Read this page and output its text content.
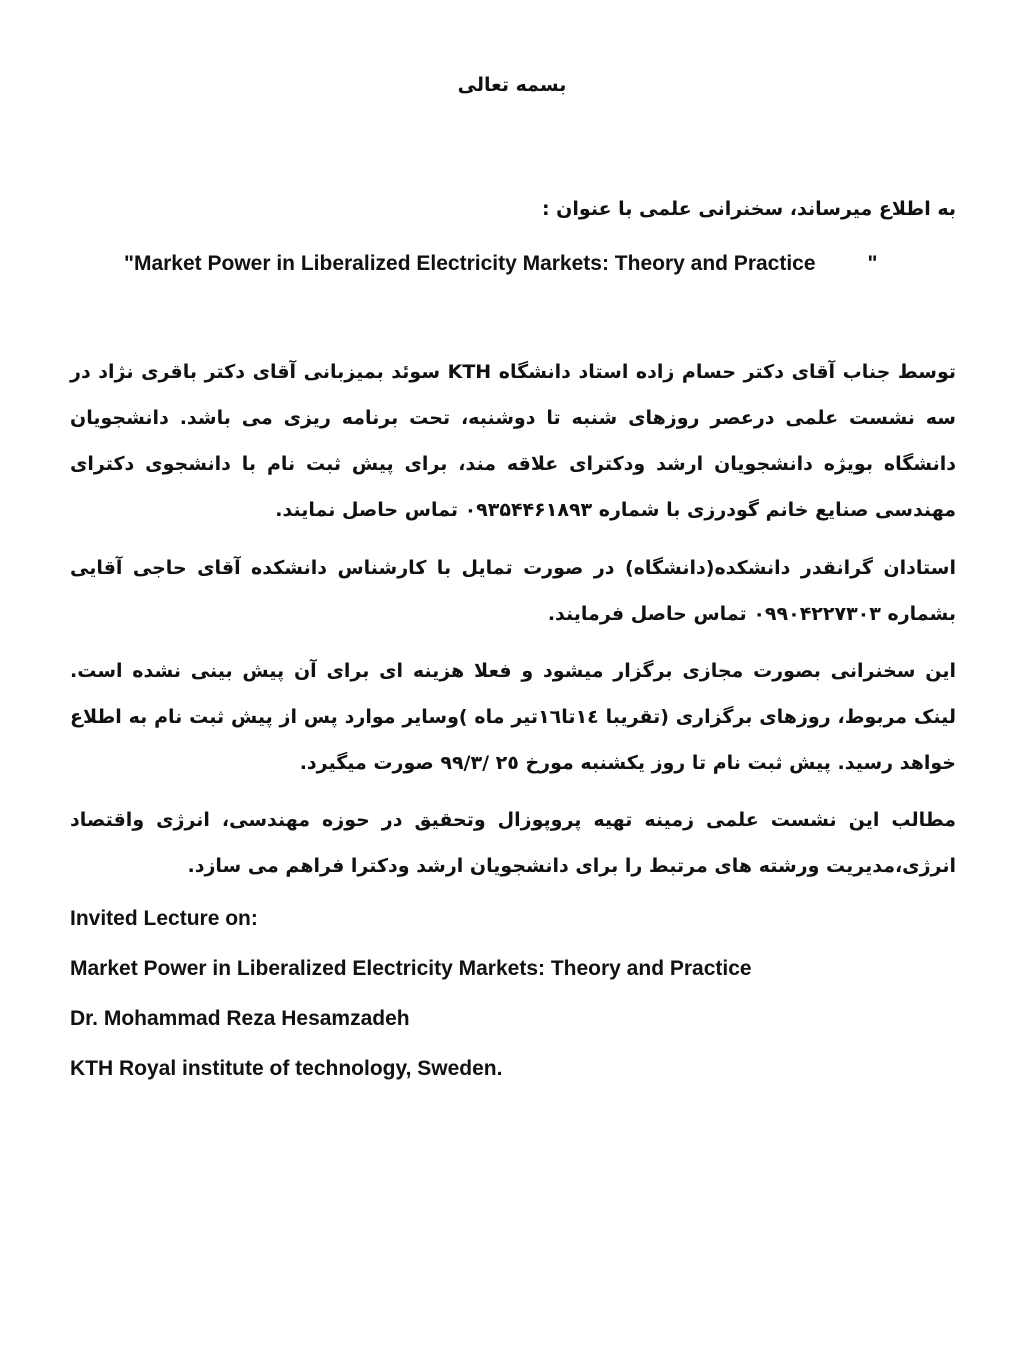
بسمه تعالی
به اطلاع میرساند، سخنرانی علمی با عنوان :
"Market Power in Liberalized Electricity Markets: Theory and Practice "
توسط جناب آقای دکتر حسام زاده استاد دانشگاه KTH سوئد بمیزبانی آقای دکتر باقری نژاد در سه نشست علمی درعصر روزهای شنبه تا دوشنبه، تحت برنامه ریزی می باشد. دانشجویان دانشگاه بویژه دانشجویان ارشد ودکترای علاقه مند، برای پیش ثبت نام با دانشجوی دکترای مهندسی صنایع خانم گودرزی با شماره ۰۹۳۵۴۴۶۱۸۹۳ تماس حاصل نمایند.
استادان گرانقدر دانشکده(دانشگاه) در صورت تمایل با کارشناس دانشکده آقای حاجی آقایی بشماره ۰۹۹۰۴۲۲۷۳۰۳ تماس حاصل فرمایند.
این سخنرانی بصورت مجازی برگزار میشود و فعلا هزینه ای برای آن پیش بینی نشده است. لینک مربوط، روزهای برگزاری (تقریبا ١٤تا١٦تیر ماه )وسایر موارد پس از پیش ثبت نام به اطلاع خواهد رسید. پیش ثبت نام تا روز یکشنبه مورخ ٢٥ /٩٩/٣ صورت میگیرد.
مطالب این نشست علمی زمینه تهیه پروپوزال وتحقیق در حوزه مهندسی، انرژی واقتصاد انرژی،مدیریت ورشته های مرتبط را برای دانشجویان ارشد ودکترا فراهم می سازد.
Invited Lecture on:
Market Power in Liberalized Electricity Markets: Theory and Practice
Dr. Mohammad Reza Hesamzadeh
KTH Royal institute of technology, Sweden.
